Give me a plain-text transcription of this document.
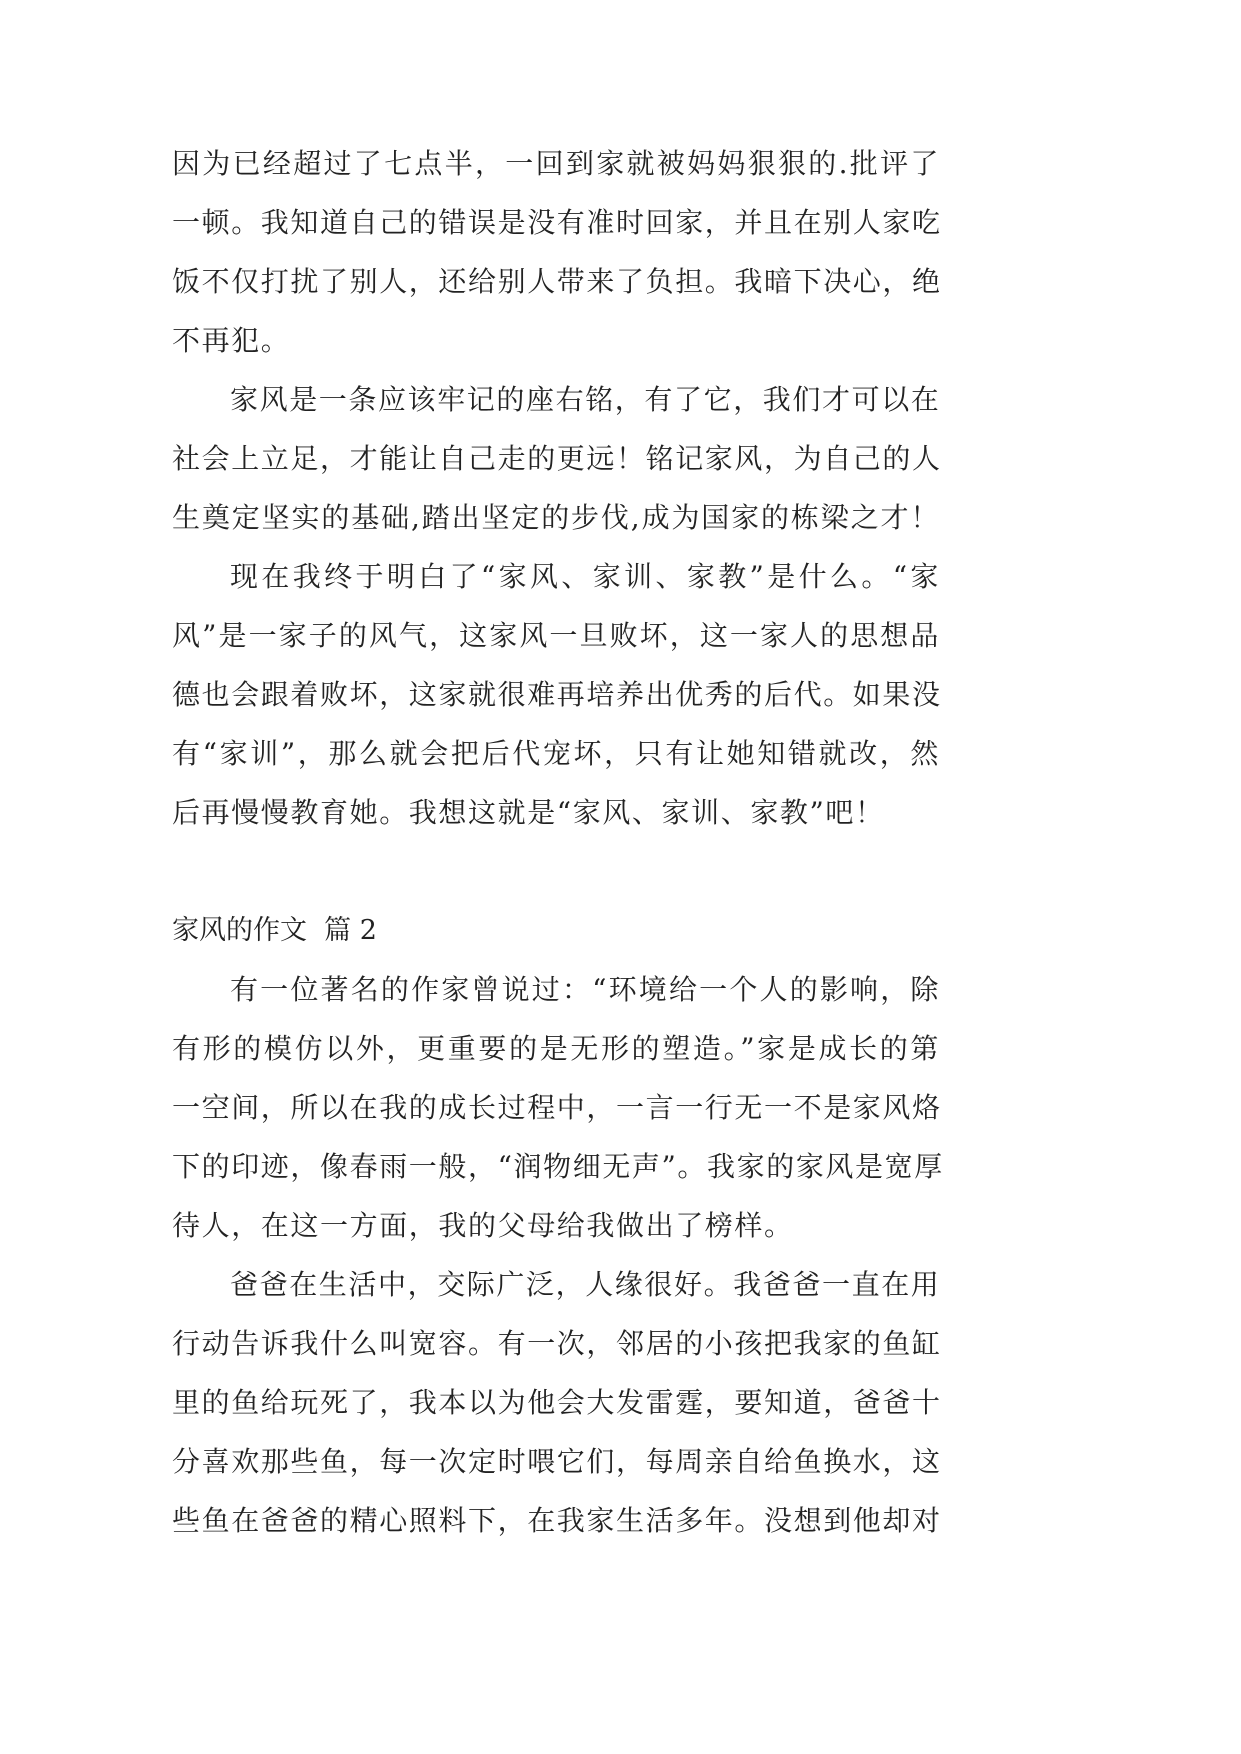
因为已经超过了七点半，一回到家就被妈妈狠狠的.批评了
一顿。我知道自己的错误是没有准时回家，并且在别人家吃
饭不仅打扰了别人，还给别人带来了负担。我暗下决心，绝
不再犯。
家风是一条应该牢记的座右铭，有了它，我们才可以在
社会上立足，才能让自己走的更远！铭记家风，为自己的人
生奠定坚实的基础,踏出坚定的步伐,成为国家的栋梁之才！
现在我终于明白了“家风、家训、家教”是什么。“家
风”是一家子的风气，这家风一旦败坏，这一家人的思想品
德也会跟着败坏，这家就很难再培养出优秀的后代。如果没
有“家训”，那么就会把后代宠坏，只有让她知错就改，然
后再慢慢教育她。我想这就是“家风、家训、家教”吧！
家风的作文  篇 2
有一位著名的作家曾说过：“环境给一个人的影响，除
有形的模仿以外，更重要的是无形的塑造。”家是成长的第
一空间，所以在我的成长过程中，一言一行无一不是家风烙
下的印迹，像春雨一般，“润物细无声”。我家的家风是宽厚
待人，在这一方面，我的父母给我做出了榜样。
爸爸在生活中，交际广泛，人缘很好。我爸爸一直在用
行动告诉我什么叫宽容。有一次，邻居的小孩把我家的鱼缸
里的鱼给玩死了，我本以为他会大发雷霆，要知道，爸爸十
分喜欢那些鱼，每一次定时喂它们，每周亲自给鱼换水，这
些鱼在爸爸的精心照料下，在我家生活多年。没想到他却对
